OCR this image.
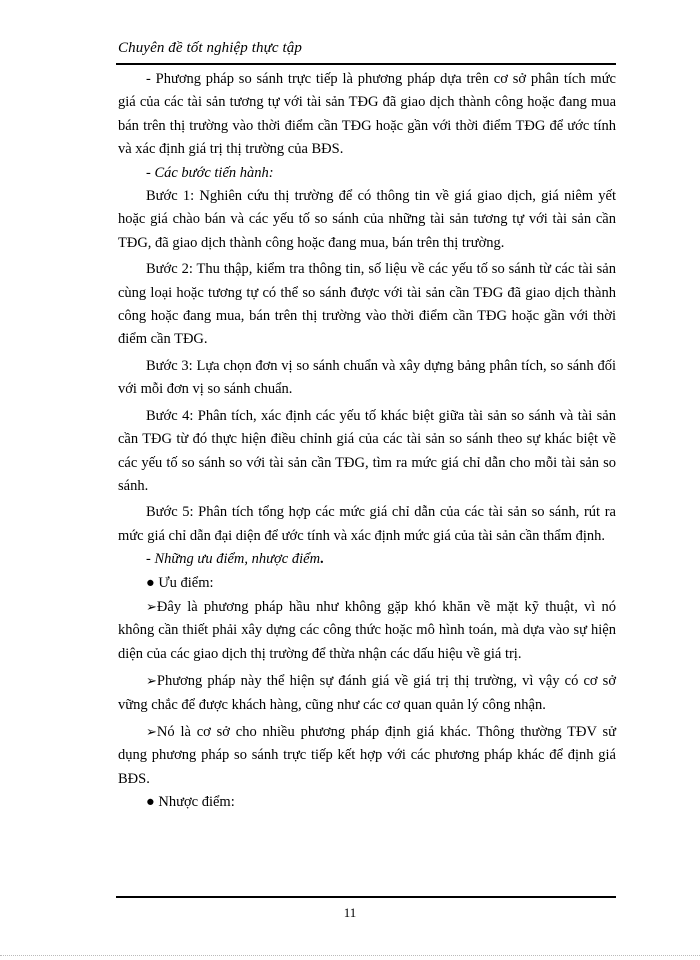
Chuyên đề tốt nghiệp thực tập

- Phương pháp so sánh trực tiếp là phương pháp dựa trên cơ sở phân tích mức giá của các tài sản tương tự với tài sản TĐG đã giao dịch thành công hoặc đang mua bán trên thị trường vào thời điểm cần TĐG hoặc gần với thời điểm TĐG để ước tính và xác định giá trị thị trường của BĐS.

- Các bước tiến hành:

Bước 1: Nghiên cứu thị trường để có thông tin về giá giao dịch, giá niêm yết hoặc giá chào bán và các yếu tố so sánh của những tài sản tương tự với tài sản cần TĐG, đã giao dịch thành công hoặc đang mua, bán trên thị trường.

Bước 2: Thu thập, kiểm tra thông tin, số liệu về các yếu tố so sánh từ các tài sản cùng loại hoặc tương tự có thể so sánh được với tài sản cần TĐG đã giao dịch thành công hoặc đang mua, bán trên thị trường vào thời điểm cần TĐG hoặc gần với thời điểm cần TĐG.

Bước 3: Lựa chọn đơn vị so sánh chuẩn và xây dựng bảng phân tích, so sánh đối với mỗi đơn vị so sánh chuẩn.

Bước 4: Phân tích, xác định các yếu tố khác biệt giữa tài sản so sánh và tài sản cần TĐG từ đó thực hiện điều chỉnh giá của các tài sản so sánh theo sự khác biệt về các yếu tố so sánh so với tài sản cần TĐG, tìm ra mức giá chỉ dẫn cho mỗi tài sản so sánh.

Bước 5: Phân tích tổng hợp các mức giá chỉ dẫn của các tài sản so sánh, rút ra mức giá chỉ dẫn đại diện để ước tính và xác định mức giá của tài sản cần thẩm định.

- Những ưu điểm, nhược điểm.

● Ưu điểm:

➢Đây là phương pháp hầu như không gặp khó khăn về mặt kỹ thuật, vì nó không cần thiết phải xây dựng các công thức hoặc mô hình toán, mà dựa vào sự hiện diện của các giao dịch thị trường để thừa nhận các dấu hiệu về giá trị.

➢Phương pháp này thể hiện sự đánh giá về giá trị thị trường, vì vậy có cơ sở vững chắc để được khách hàng, cũng như các cơ quan quản lý công nhận.

➢Nó là cơ sở cho nhiều phương pháp định giá khác. Thông thường TĐV sử dụng phương pháp so sánh trực tiếp kết hợp với các phương pháp khác để định giá BĐS.

● Nhược điểm:

11
